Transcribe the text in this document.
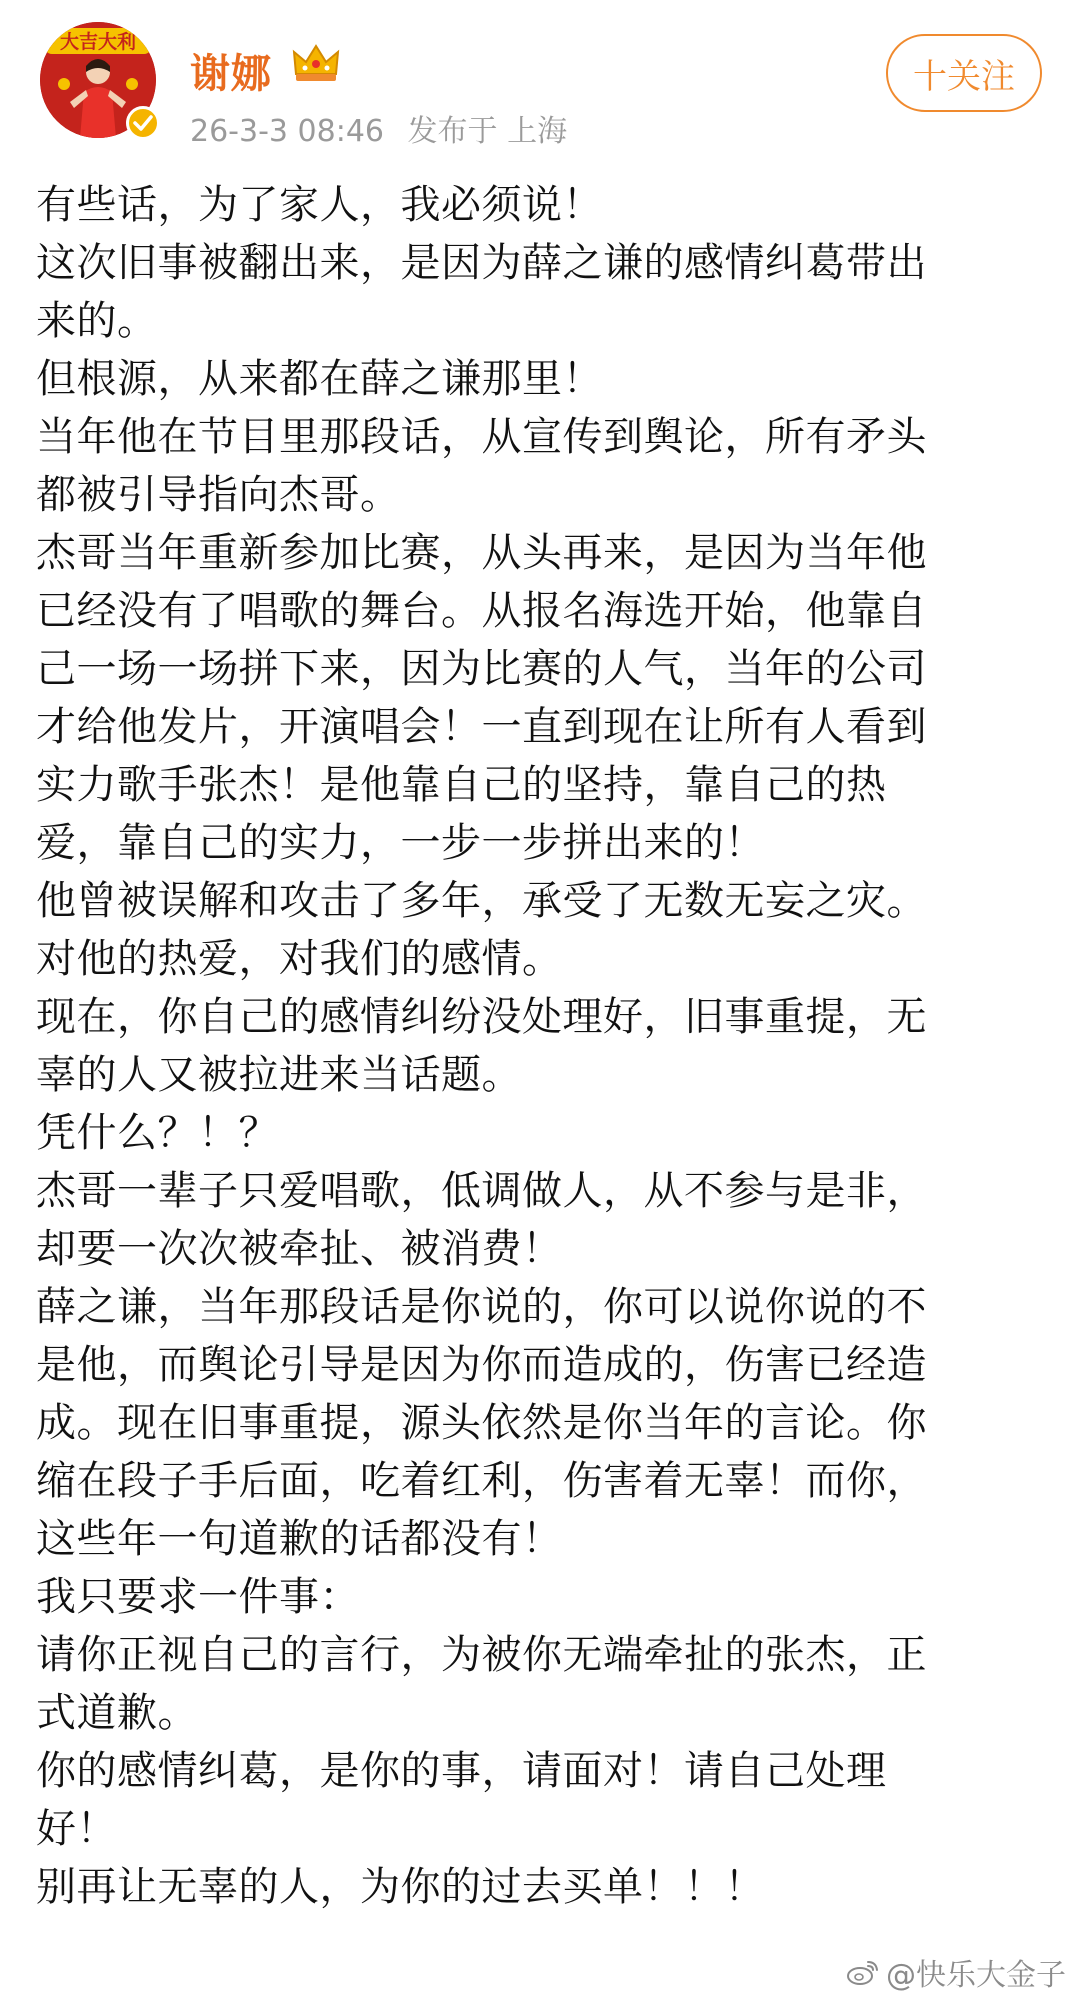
大吉大利
谢娜
26-3-3 08:46 发布于 上海
十关注
有些话，为了家人，我必须说！
这次旧事被翻出来，是因为薛之谦的感情纠葛带出
来的。
但根源，从来都在薛之谦那里！
当年他在节目里那段话，从宣传到舆论，所有矛头
都被引导指向杰哥。
杰哥当年重新参加比赛，从头再来，是因为当年他
已经没有了唱歌的舞台。从报名海选开始，他靠自
己一场一场拼下来，因为比赛的人气，当年的公司
才给他发片，开演唱会！一直到现在让所有人看到
实力歌手张杰！是他靠自己的坚持，靠自己的热
爱，靠自己的实力，一步一步拼出来的！
他曾被误解和攻击了多年，承受了无数无妄之灾。
对他的热爱，对我们的感情。
现在，你自己的感情纠纷没处理好，旧事重提，无
辜的人又被拉进来当话题。
凭什么？！？
杰哥一辈子只爱唱歌，低调做人，从不参与是非，
却要一次次被牵扯、被消费！
薛之谦，当年那段话是你说的，你可以说你说的不
是他，而舆论引导是因为你而造成的，伤害已经造
成。现在旧事重提，源头依然是你当年的言论。你
缩在段子手后面，吃着红利，伤害着无辜！而你，
这些年一句道歉的话都没有！
我只要求一件事：
请你正视自己的言行，为被你无端牵扯的张杰，正
式道歉。
你的感情纠葛，是你的事，请面对！请自己处理
好！
别再让无辜的人，为你的过去买单！！！
@快乐大金子
